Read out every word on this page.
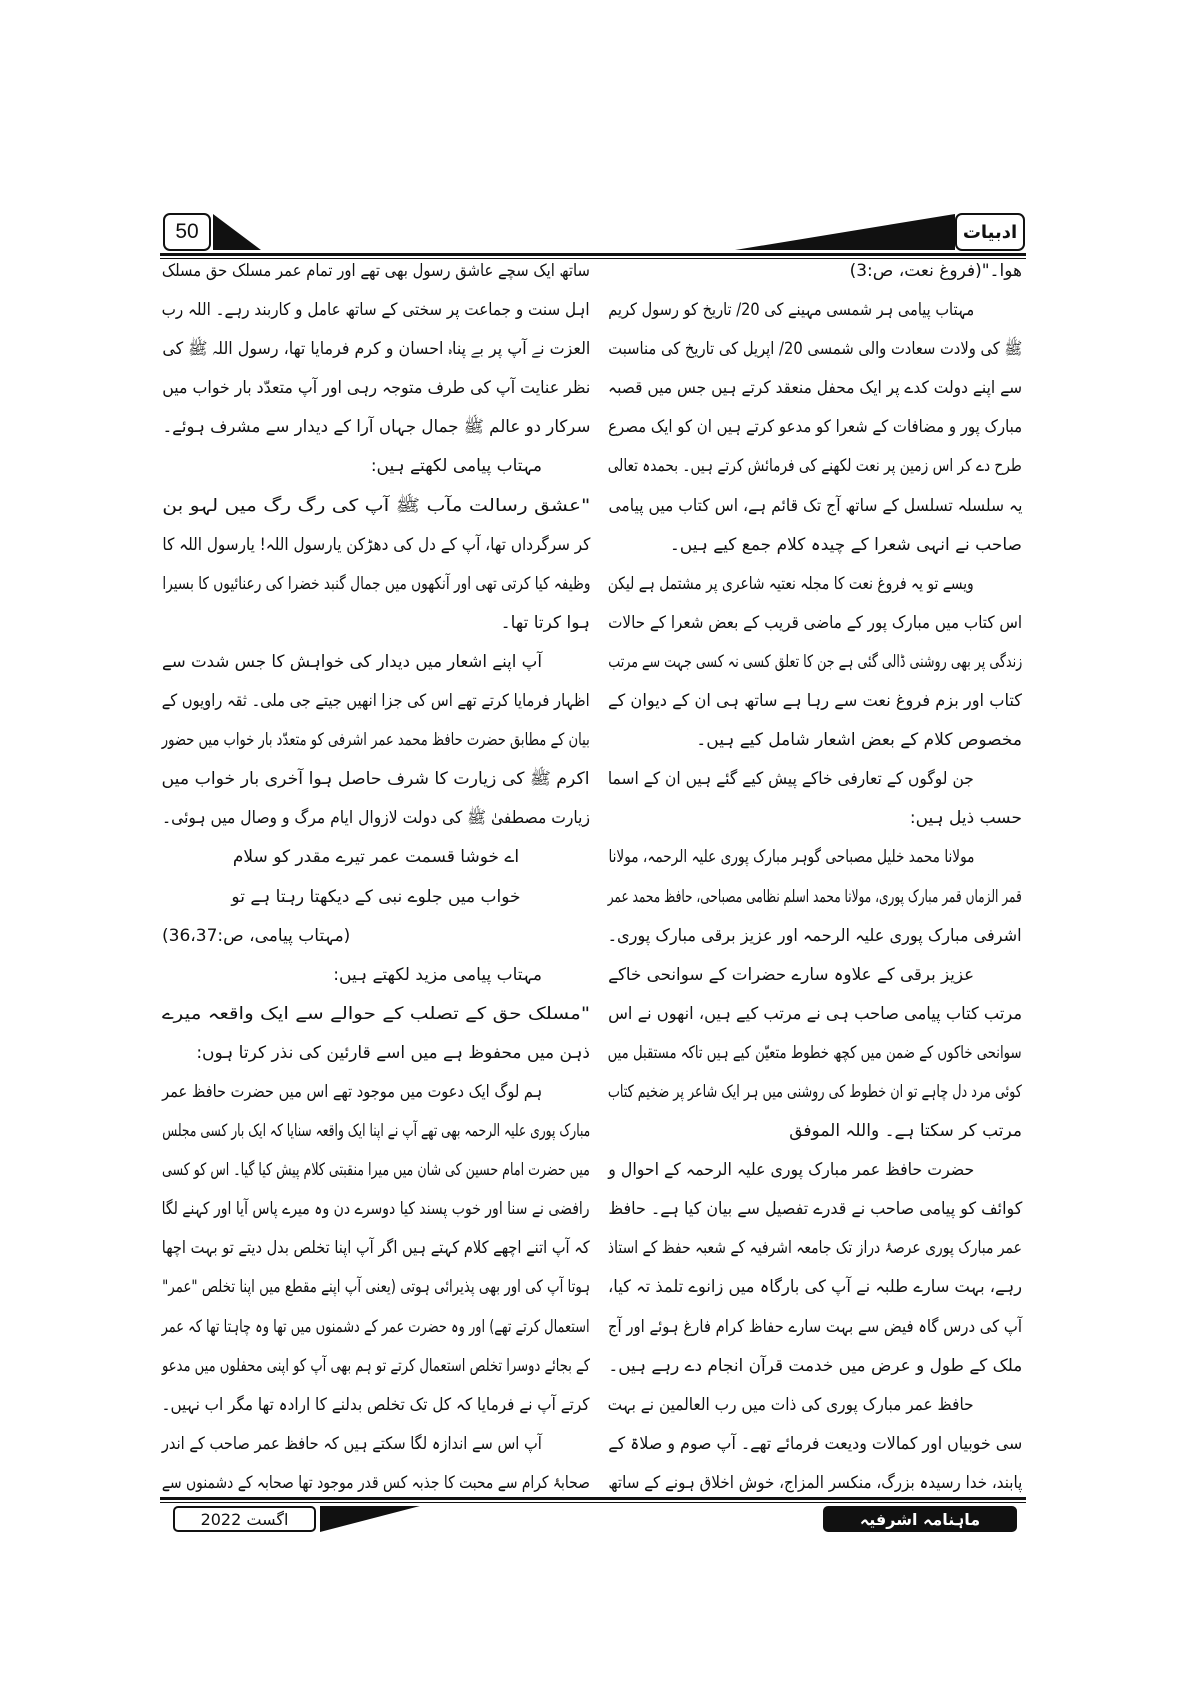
50	ادبیات
هوا۔"(فروغ نعت، ص:3)
مہتاب پیامی ہر شمسی مہینے کی 20/ تاریخ کو رسول کریم
ﷺ کی ولادت سعادت والی شمسی 20/ اپریل کی تاریخ کی مناسبت
سے اپنے دولت کدے پر ایک محفل منعقد کرتے ہیں جس میں قصبہ
مبارک پور و مضافات کے شعرا کو مدعو کرتے ہیں ان کو ایک مصرع
طرح دے کر اس زمین پر نعت لکھنے کی فرمائش کرتے ہیں۔ بحمدہ تعالی
یہ سلسلہ تسلسل کے ساتھ آج تک قائم ہے، اس کتاب میں پیامی
صاحب نے انہی شعرا کے چیدہ کلام جمع کیے ہیں۔
ویسے تو یہ فروغ نعت کا مجلہ نعتیہ شاعری پر مشتمل ہے لیکن
اس کتاب میں مبارک پور کے ماضی قریب کے بعض شعرا کے حالات
زندگی پر بھی روشنی ڈالی گئی ہے جن کا تعلق کسی نہ کسی جہت سے مرتب
کتاب اور بزم فروغ نعت سے رہا ہے ساتھ ہی ان کے دیوان کے
مخصوص کلام کے بعض اشعار شامل کیے ہیں۔
جن لوگوں کے تعارفی خاکے پیش کیے گئے ہیں ان کے اسما
حسب ذیل ہیں:
مولانا محمد خلیل مصباحی گوہر مبارک پوری علیہ الرحمہ، مولانا
قمر الزماں قمر مبارک پوری، مولانا محمد اسلم نظامی مصباحی، حافظ محمد عمر
اشرفی مبارک پوری علیہ الرحمہ اور عزیز برقی مبارک پوری۔
عزیز برقی کے علاوہ سارے حضرات کے سوانحی خاکے
مرتب کتاب پیامی صاحب ہی نے مرتب کیے ہیں، انھوں نے اس
سوانحی خاکوں کے ضمن میں کچھ خطوط متعیّن کیے ہیں تاکہ مستقبل میں
کوئی مرد دل چاہے تو ان خطوط کی روشنی میں ہر ایک شاعر پر ضخیم کتاب
مرتب کر سکتا ہے۔ واللہ الموفق
حضرت حافظ عمر مبارک پوری علیہ الرحمہ کے احوال و
کوائف کو پیامی صاحب نے قدرے تفصیل سے بیان کیا ہے۔ حافظ
عمر مبارک پوری عرصۂ دراز تک جامعہ اشرفیہ کے شعبہ حفظ کے استاذ
رہے، بہت سارے طلبہ نے آپ کی بارگاہ میں زانوے تلمذ تہ کیا،
آپ کی درس گاہ فیض سے بہت سارے حفاظ کرام فارغ ہوئے اور آج
ملک کے طول و عرض میں خدمت قرآن انجام دے رہے ہیں۔
حافظ عمر مبارک پوری کی ذات میں رب العالمین نے بہت
سی خوبیاں اور کمالات ودیعت فرمائے تھے۔ آپ صوم و صلاۃ کے
پابند، خدا رسیدہ بزرگ، منکسر المزاج، خوش اخلاق ہونے کے ساتھ
ساتھ ایک سچے عاشق رسول بھی تھے اور تمام عمر مسلک حق مسلک
اہل سنت و جماعت پر سختی کے ساتھ عامل و کاربند رہے۔ اللہ رب
العزت نے آپ پر بے پناہ احسان و کرم فرمایا تھا، رسول اللہ ﷺ کی
نظر عنایت آپ کی طرف متوجہ رہی اور آپ متعدّد بار خواب میں
سرکار دو عالم ﷺ جمال جہاں آرا کے دیدار سے مشرف ہوئے۔
مہتاب پیامی لکھتے ہیں:
"عشق رسالت مآب ﷺ آپ کی رگ رگ میں لہو بن
کر سرگرداں تھا، آپ کے دل کی دھڑکن یارسول اللہ! یارسول اللہ کا
وظیفہ کیا کرتی تھی اور آنکھوں میں جمال گنبد خضرا کی رعنائیوں کا بسیرا
ہوا کرتا تھا۔
آپ اپنے اشعار میں دیدار کی خواہش کا جس شدت سے
اظہار فرمایا کرتے تھے اس کی جزا انھیں جیتے جی ملی۔ ثقہ راویوں کے
بیان کے مطابق حضرت حافظ محمد عمر اشرفی کو متعدّد بار خواب میں حضور
اکرم ﷺ کی زیارت کا شرف حاصل ہوا آخری بار خواب میں
زیارت مصطفیٰ ﷺ کی دولت لازوال ایام مرگ و وصال میں ہوئی۔
اے خوشا قسمت عمر تیرے مقدر کو سلام
خواب میں جلوے نبی کے دیکھتا رہتا ہے تو
(مہتاب پیامی، ص:36،37)
مہتاب پیامی مزید لکھتے ہیں:
"مسلک حق کے تصلب کے حوالے سے ایک واقعہ میرے
ذہن میں محفوظ ہے میں اسے قارئین کی نذر کرتا ہوں:
ہم لوگ ایک دعوت میں موجود تھے اس میں حضرت حافظ عمر
مبارک پوری علیہ الرحمہ بھی تھے آپ نے اپنا ایک واقعہ سنایا کہ ایک بار کسی مجلس
میں حضرت امام حسین کی شان میں میرا منقبتی کلام پیش کیا گیا۔ اس کو کسی
رافضی نے سنا اور خوب پسند کیا دوسرے دن وہ میرے پاس آیا اور کہنے لگا
کہ آپ اتنے اچھے کلام کہتے ہیں اگر آپ اپنا تخلص بدل دیتے تو بہت اچھا
ہوتا آپ کی اور بھی پذیرائی ہوتی (یعنی آپ اپنے مقطع میں اپنا تخلص "عمر"
استعمال کرتے تھے) اور وہ حضرت عمر کے دشمنوں میں تھا وہ چاہتا تھا کہ عمر
کے بجائے دوسرا تخلص استعمال کرتے تو ہم بھی آپ کو اپنی محفلوں میں مدعو
کرتے آپ نے فرمایا کہ کل تک تخلص بدلنے کا ارادہ تھا مگر اب نہیں۔
آپ اس سے اندازہ لگا سکتے ہیں کہ حافظ عمر صاحب کے اندر
صحابۂ کرام سے محبت کا جذبہ کس قدر موجود تھا صحابہ کے دشمنوں سے
اگست 2022	ماہنامہ اشرفیہ
